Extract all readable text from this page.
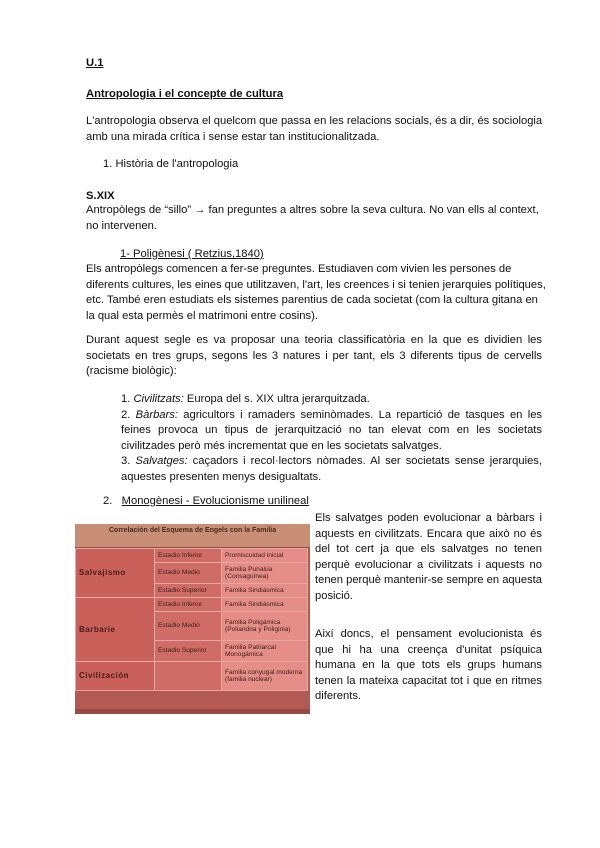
U.1
Antropologia i el concepte de cultura

L'antropologia observa el quelcom que passa en les relacions socials, és a dir, és sociologia

amb una mirada crítica i sense estar tan institucionalitzada.

1. Història de l'antropologia
S.XIX

Antropòlegs de “sillo” → fan preguntes a altres sobre la seva cultura. No van ells al context,

no intervenen.

1- Poligènesi ( Retzius,1840)

Els antropòlegs comencen a fer-se preguntes. Estudiaven com vivien les persones de

diferents cultures, les eines que utilitzaven, l'art, les creences i si tenien jerarquies polítiques,

etc. També eren estudiats els sistemes parentius de cada societat (com la cultura gitana en

la qual esta permès el matrimoni entre cosins).

Durant aquest segle es va proposar una teoria classificatòria en la que es dividien les

societats en tres grups, segons les 3 natures i per tant, els 3 diferents tipus de cervells

(racisme biològic):

1. Civilitzats: Europa del s. XIX ultra jerarquitzada.

2. Bàrbars: agricultors i ramaders seminòmades. La repartició de tasques en les

feines provoca un tipus de jerarquització no tan elevat com en les societats

civilitzades però més incrementat que en les societats salvatges.

3. Salvatges: caçadors i recol·lectors nòmades. Al ser societats sense jerarquies,

aquestes presenten menys desigualtats.

2. Monogènesi - Evolucionisme unilineal
Correlación del Esquema de Engels con la Familia
Salvajismo	Estadio Inferior	Promiscuidad inicial
	Estadio Medio	Familia Punalúa (Consaguínea)
	Estadio Superior	Familia Sindiásmica
Barbarie	Estadio Inferior	Familia Sindiásmica
	Estadio Medio	Familia Poligámica (Poliandria y Poliginia)
	Estadio Superior	Familia Patriarcal Monogámica
Civilización		Familia conyugal moderna (familia nuclear)

Els salvatges poden evolucionar a bàrbars i

aquests en civilitzats. Encara que això no és

del tot cert ja que els salvatges no tenen

perquè evolucionar a civilitzats i aquests no

tenen perquè mantenir-se sempre en aquesta

posició.

Així doncs, el pensament evolucionista és

que hi ha una creença d'unitat psíquica

humana en la que tots els grups humans

tenen la mateixa capacitat tot i que en ritmes

diferents.
